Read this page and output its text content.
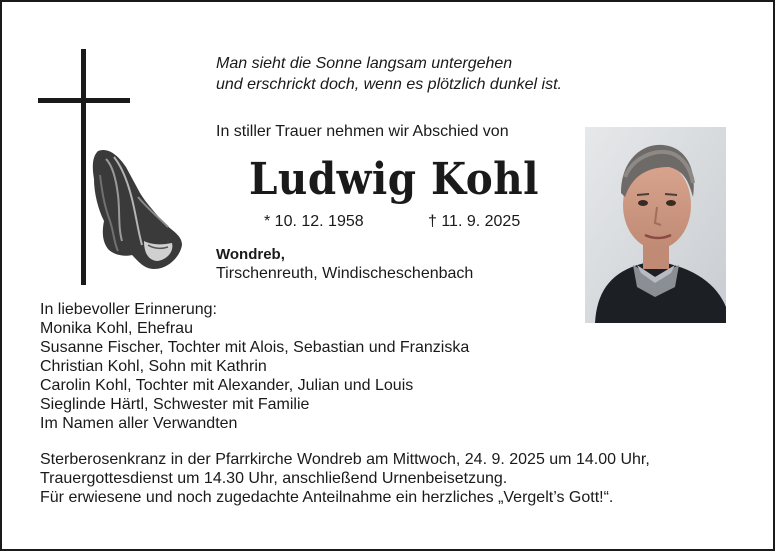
Man sieht die Sonne langsam untergehen
und erschrickt doch, wenn es plötzlich dunkel ist.
In stiller Trauer nehmen wir Abschied von
Ludwig Kohl
* 10. 12. 1958	† 11. 9. 2025
Wondreb,
Tirschenreuth, Windischeschenbach
In liebevoller Erinnerung:
Monika Kohl, Ehefrau
Susanne Fischer, Tochter mit Alois, Sebastian und Franziska
Christian Kohl, Sohn mit Kathrin
Carolin Kohl, Tochter mit Alexander, Julian und Louis
Sieglinde Härtl, Schwester mit Familie
Im Namen aller Verwandten
Sterberosenkranz in der Pfarrkirche Wondreb am Mittwoch, 24. 9. 2025 um 14.00 Uhr,
Trauergottesdienst um 14.30 Uhr, anschließend Urnenbeisetzung.
Für erwiesene und noch zugedachte Anteilnahme ein herzliches „Vergelt’s Gott!“.
